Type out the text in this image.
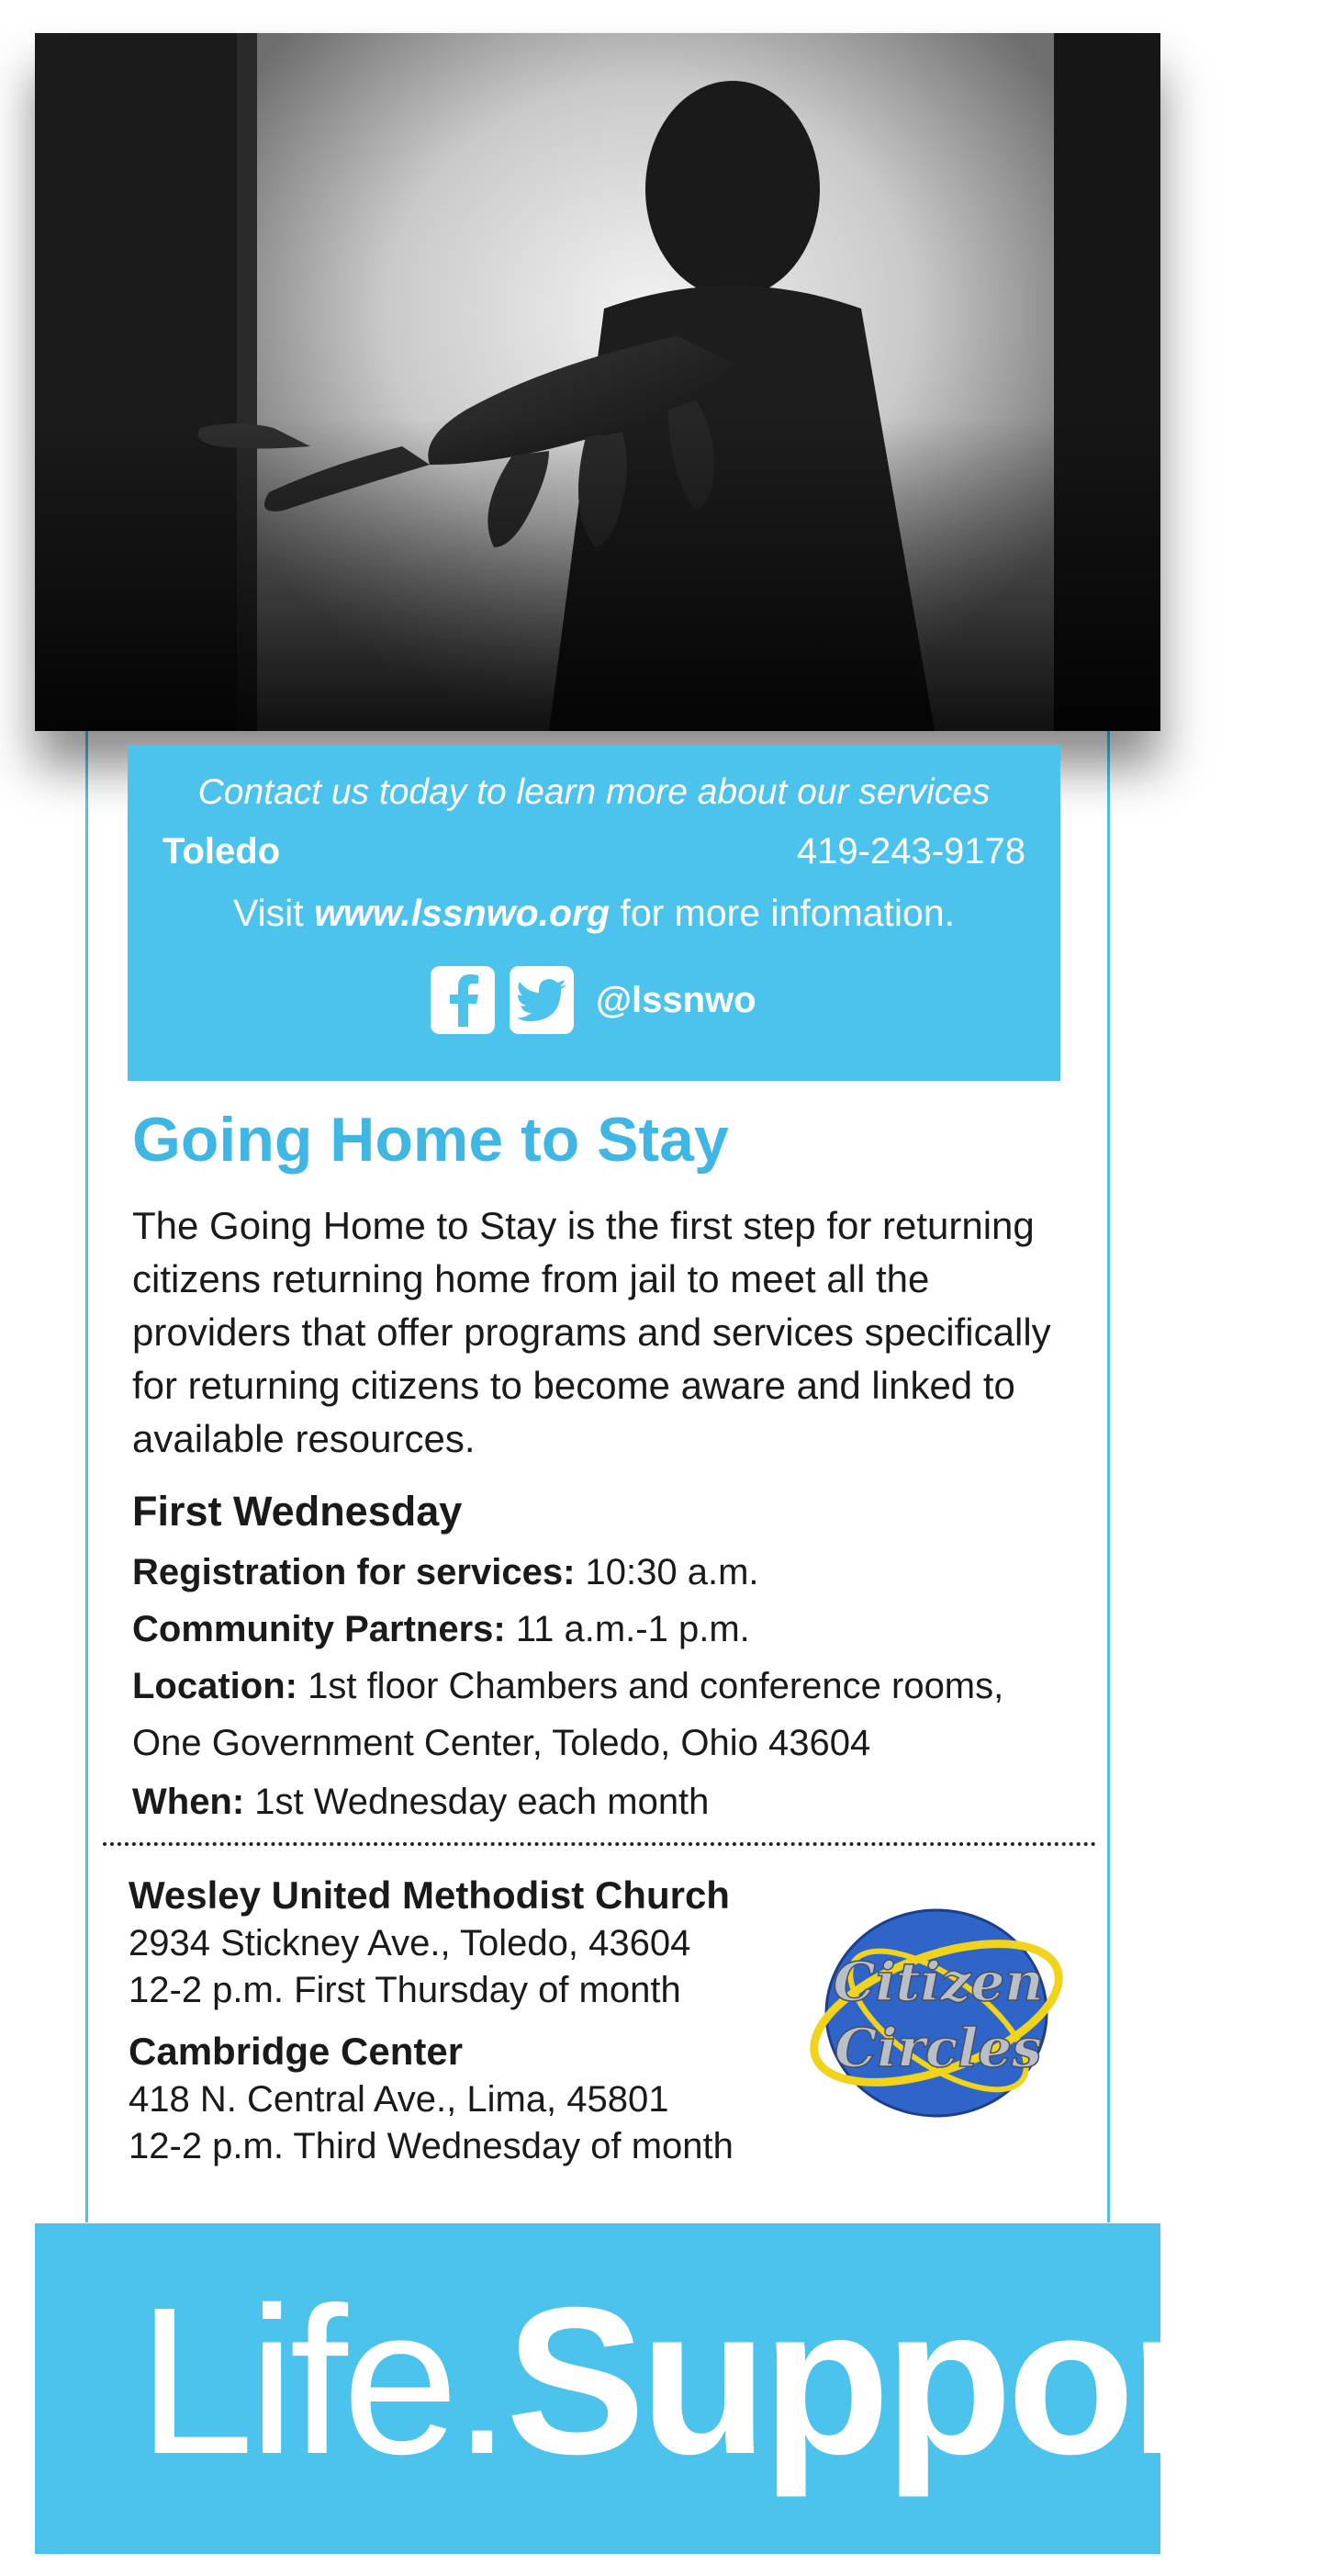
Contact us today to learn more about our services
Toledo	419-243-9178
Visit www.lssnwo.org for more infomation.
@lssnwo
Going Home to Stay
The Going Home to Stay is the first step for returning citizens returning home from jail to meet all the providers that offer programs and services specifically for returning citizens to become aware and linked to available resources.
First Wednesday
Registration for services: 10:30 a.m.
Community Partners: 11 a.m.-1 p.m.
Location: 1st floor Chambers and conference rooms,
One Government Center, Toledo, Ohio 43604
When: 1st Wednesday each month
Wesley United Methodist Church
2934 Stickney Ave., Toledo, 43604
12-2 p.m. First Thursday of month
Cambridge Center
418 N. Central Ave., Lima, 45801
12-2 p.m. Third Wednesday of month
Citizen
Circles
Life.Support.
